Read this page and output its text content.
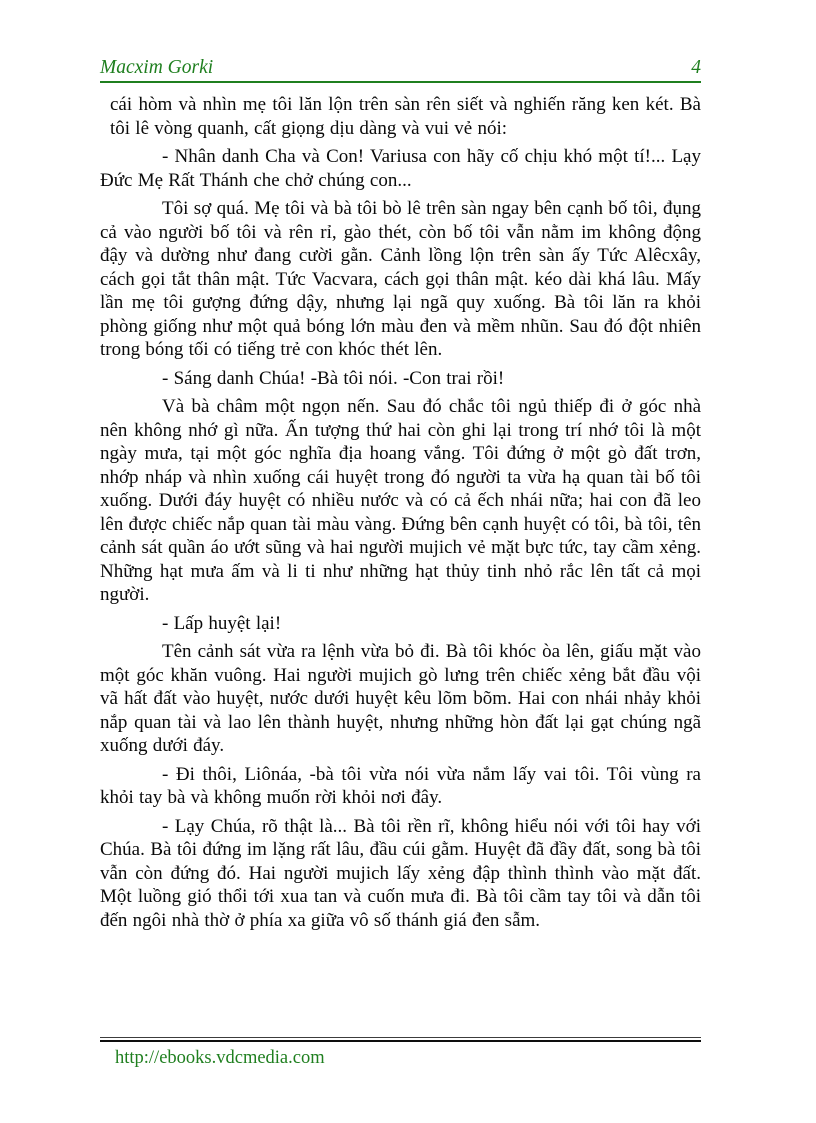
Macxim Gorki	4

cái hòm và nhìn mẹ tôi lăn lộn trên sàn rên siết và nghiến răng ken két. Bà tôi lê vòng quanh, cất giọng dịu dàng và vui vẻ nói:

- Nhân danh Cha và Con! Variusa con hãy cố chịu khó một tí!... Lạy Đức Mẹ Rất Thánh che chở chúng con...

Tôi sợ quá. Mẹ tôi và bà tôi bò lê trên sàn ngay bên cạnh bố tôi, đụng cả vào người bố tôi và rên rỉ, gào thét, còn bố tôi vẫn nằm im không động đậy và dường như đang cười gằn. Cảnh lồng lộn trên sàn ấy Tức Alêcxây, cách gọi tắt thân mật. Tức Vacvara, cách gọi thân mật. kéo dài khá lâu. Mấy lần mẹ tôi gượng đứng dậy, nhưng lại ngã quy xuống. Bà tôi lăn ra khỏi phòng giống như một quả bóng lớn màu đen và mềm nhũn. Sau đó đột nhiên trong bóng tối có tiếng trẻ con khóc thét lên.

- Sáng danh Chúa! -Bà tôi nói. -Con trai rồi!

Và bà châm một ngọn nến. Sau đó chắc tôi ngủ thiếp đi ở góc nhà nên không nhớ gì nữa. Ấn tượng thứ hai còn ghi lại trong trí nhớ tôi là một ngày mưa, tại một góc nghĩa địa hoang vắng. Tôi đứng ở một gò đất trơn, nhớp nháp và nhìn xuống cái huyệt trong đó người ta vừa hạ quan tài bố tôi xuống. Dưới đáy huyệt có nhiều nước và có cả ếch nhái nữa; hai con đã leo lên được chiếc nắp quan tài màu vàng. Đứng bên cạnh huyệt có tôi, bà tôi, tên cảnh sát quần áo ướt sũng và hai người mujich vẻ mặt bực tức, tay cầm xẻng. Những hạt mưa ấm và li ti như những hạt thủy tinh nhỏ rắc lên tất cả mọi người.

- Lấp huyệt lại!

Tên cảnh sát vừa ra lệnh vừa bỏ đi. Bà tôi khóc òa lên, giấu mặt vào một góc khăn vuông. Hai người mujich gò lưng trên chiếc xẻng bắt đầu vội vã hất đất vào huyệt, nước dưới huyệt kêu lõm bõm. Hai con nhái nhảy khỏi nắp quan tài và lao lên thành huyệt, nhưng những hòn đất lại gạt chúng ngã xuống dưới đáy.

- Đi thôi, Liônáa, -bà tôi vừa nói vừa nắm lấy vai tôi. Tôi vùng ra khỏi tay bà và không muốn rời khỏi nơi đây.

- Lạy Chúa, rõ thật là... Bà tôi rền rĩ, không hiểu nói với tôi hay với Chúa. Bà tôi đứng im lặng rất lâu, đầu cúi gằm. Huyệt đã đầy đất, song bà tôi vẫn còn đứng đó. Hai người mujich lấy xẻng đập thình thình vào mặt đất. Một luồng gió thổi tới xua tan và cuốn mưa đi. Bà tôi cầm tay tôi và dẫn tôi đến ngôi nhà thờ ở phía xa giữa vô số thánh giá đen sẫm.

http://ebooks.vdcmedia.com
